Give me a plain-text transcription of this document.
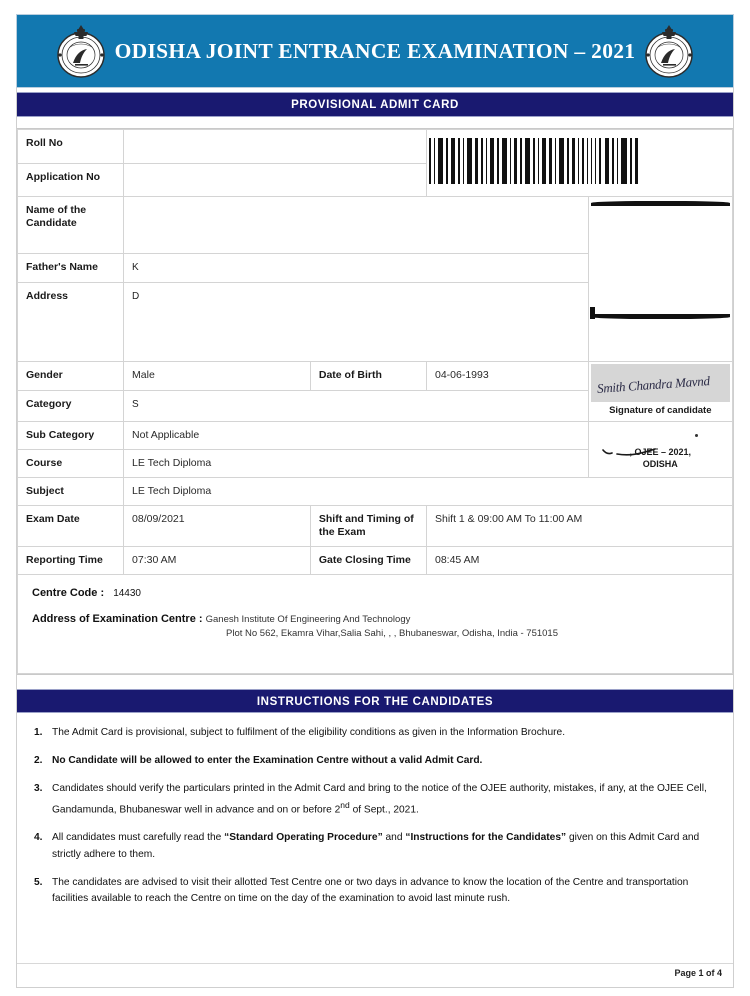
ODISHA JOINT ENTRANCE EXAMINATION – 2021
PROVISIONAL ADMIT CARD
Roll No	

Application No				

Name of the Candidate			

Father's Name	K			
Address	D			
Gender	Male	Date of Birth	04-06-1993	Smith Chandra Mavnd
Signature of candidate

Category	S			
Sub Category	Not Applicable			, OJEE – 2021,
ODISHA

Course	LE Tech Diploma			
Subject	LE Tech Diploma			
Exam Date	08/09/2021	Shift and Timing of the Exam	Shift 1 & 09:00 AM To 11:00 AM	
Reporting Time	07:30 AM	Gate Closing Time	08:45 AM	
Centre Code : 14430
Address of Examination Centre : Ganesh Institute Of Engineering And Technology
Plot No 562, Ekamra Vihar,Salia Sahi, , , Bhubaneswar, Odisha, India - 751015
INSTRUCTIONS FOR THE CANDIDATES
1. The Admit Card is provisional, subject to fulfilment of the eligibility conditions as given in the Information Brochure.
2. No Candidate will be allowed to enter the Examination Centre without a valid Admit Card.
3. Candidates should verify the particulars printed in the Admit Card and bring to the notice of the OJEE authority, mistakes, if any, at the OJEE Cell, Gandamunda, Bhubaneswar well in advance and on or before 2nd of Sept., 2021.
4. All candidates must carefully read the “Standard Operating Procedure” and “Instructions for the Candidates” given on this Admit Card and strictly adhere to them.
5. The candidates are advised to visit their allotted Test Centre one or two days in advance to know the location of the Centre and transportation facilities available to reach the Centre on time on the day of the examination to avoid last minute rush.
Page 1 of 4
